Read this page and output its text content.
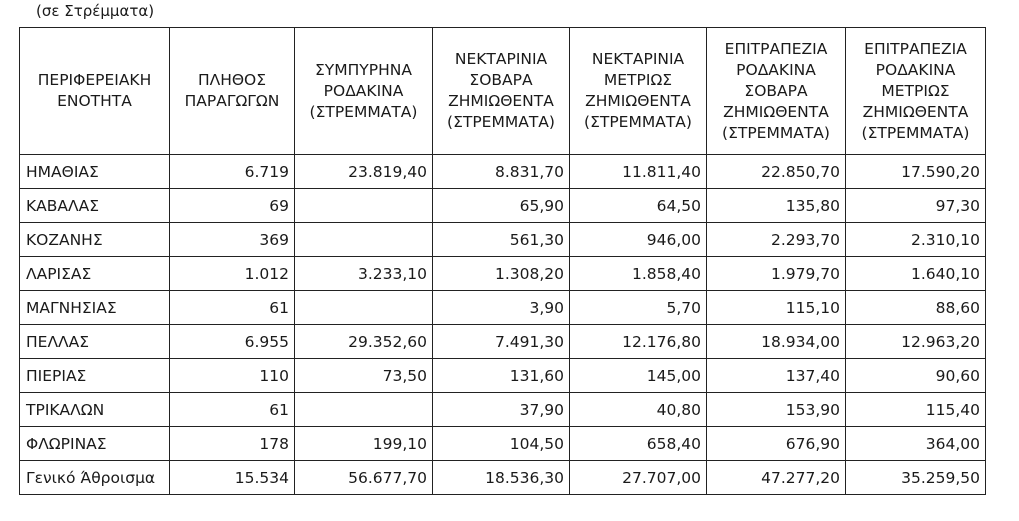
(σε Στρέμματα)
ΠΕΡΙΦΕΡΕΙΑΚΗ ΕΝΟΤΗΤΑ	ΠΛΗΘΟΣ ΠΑΡΑΓΩΓΩΝ	ΣΥΜΠΥΡΗΝΑ ΡΟΔΑΚΙΝΑ (ΣΤΡΕΜΜΑΤΑ)	ΝΕΚΤΑΡΙΝΙΑ ΣΟΒΑΡΑ ΖΗΜΙΩΘΕΝΤΑ (ΣΤΡΕΜΜΑΤΑ)	ΝΕΚΤΑΡΙΝΙΑ ΜΕΤΡΙΩΣ ΖΗΜΙΩΘΕΝΤΑ (ΣΤΡΕΜΜΑΤΑ)	ΕΠΙΤΡΑΠΕΖΙΑ ΡΟΔΑΚΙΝΑ ΣΟΒΑΡΑ ΖΗΜΙΩΘΕΝΤΑ (ΣΤΡΕΜΜΑΤΑ)	ΕΠΙΤΡΑΠΕΖΙΑ ΡΟΔΑΚΙΝΑ ΜΕΤΡΙΩΣ ΖΗΜΙΩΘΕΝΤΑ (ΣΤΡΕΜΜΑΤΑ)
ΗΜΑΘΙΑΣ	6.719	23.819,40	8.831,70	11.811,40	22.850,70	17.590,20
ΚΑΒΑΛΑΣ	69		65,90	64,50	135,80	97,30
ΚΟΖΑΝΗΣ	369		561,30	946,00	2.293,70	2.310,10
ΛΑΡΙΣΑΣ	1.012	3.233,10	1.308,20	1.858,40	1.979,70	1.640,10
ΜΑΓΝΗΣΙΑΣ	61		3,90	5,70	115,10	88,60
ΠΕΛΛΑΣ	6.955	29.352,60	7.491,30	12.176,80	18.934,00	12.963,20
ΠΙΕΡΙΑΣ	110	73,50	131,60	145,00	137,40	90,60
ΤΡΙΚΑΛΩΝ	61		37,90	40,80	153,90	115,40
ΦΛΩΡΙΝΑΣ	178	199,10	104,50	658,40	676,90	364,00
Γενικό Άθροισμα	15.534	56.677,70	18.536,30	27.707,00	47.277,20	35.259,50
